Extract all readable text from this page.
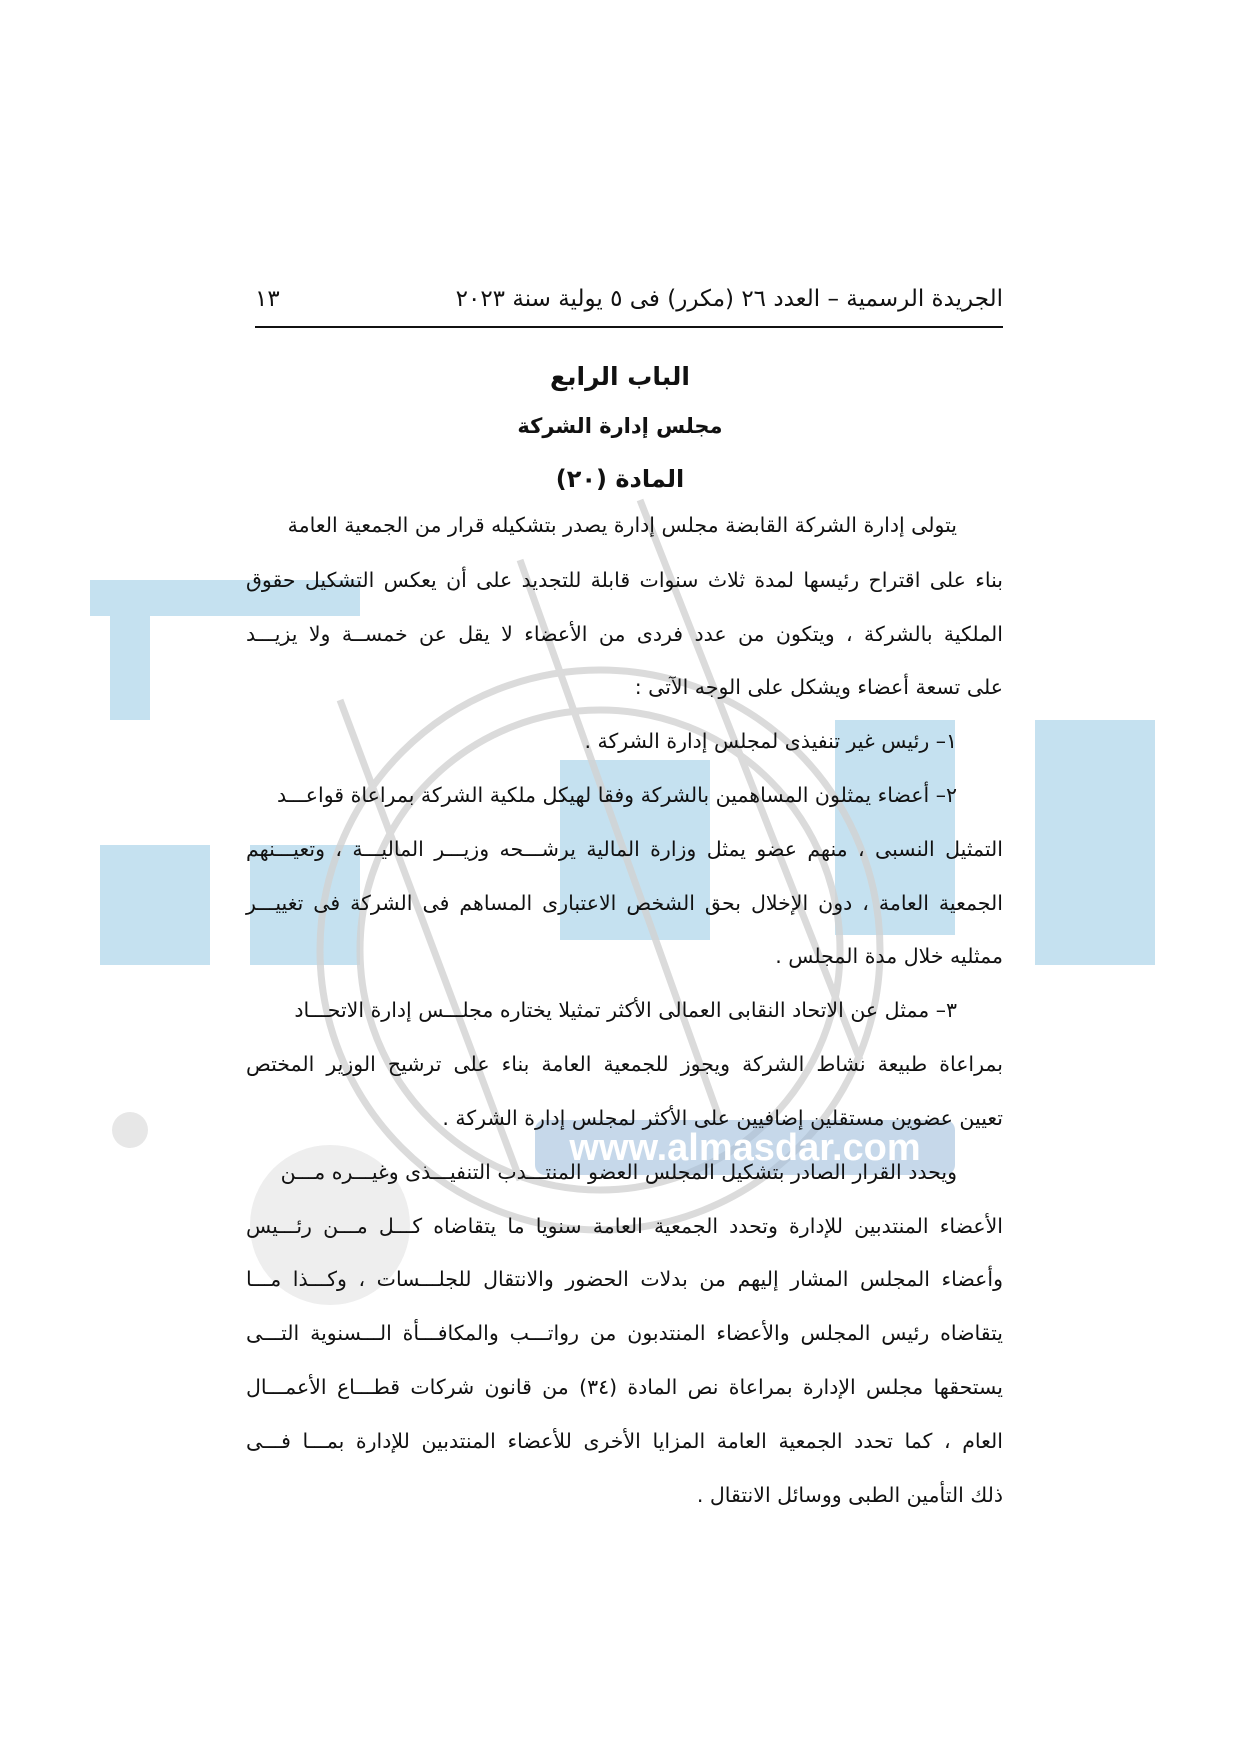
www.almasdar.com
الجريدة الرسمية – العدد ٢٦ (مكرر) فى ٥ يولية سنة ٢٠٢٣
١٣
الباب الرابع
مجلس إدارة الشركة
المادة (٢٠)
يتولى إدارة الشركة القابضة مجلس إدارة يصدر بتشكيله قرار من الجمعية العامة
بناء على اقتراح رئيسها لمدة ثلاث سنوات قابلة للتجديد على أن يعكس التشكيل حقوق
الملكية بالشركة ، ويتكون من عدد فردى من الأعضاء لا يقل عن خمســة ولا يزيـــد
على تسعة أعضاء ويشكل على الوجه الآتى :
١– رئيس غير تنفيذى لمجلس إدارة الشركة .
٢– أعضاء يمثلون المساهمين بالشركة وفقا لهيكل ملكية الشركة بمراعاة قواعـــد
التمثيل النسبى ، منهم عضو يمثل وزارة المالية يرشـــحه وزيـــر الماليـــة ، وتعيـــنهم
الجمعية العامة ، دون الإخلال بحق الشخص الاعتبارى المساهم فى الشركة فى تغييـــر
ممثليه خلال مدة المجلس .
٣– ممثل عن الاتحاد النقابى العمالى الأكثر تمثيلا يختاره مجلـــس إدارة الاتحـــاد
بمراعاة طبيعة نشاط الشركة ويجوز للجمعية العامة بناء على ترشيح الوزير المختص
تعيين عضوين مستقلين إضافيين على الأكثر لمجلس إدارة الشركة .
ويحدد القرار الصادر بتشكيل المجلس العضو المنتـــدب التنفيـــذى وغيـــره مـــن
الأعضاء المنتدبين للإدارة وتحدد الجمعية العامة سنويا ما يتقاضاه كـــل مـــن رئـــيس
وأعضاء المجلس المشار إليهم من بدلات الحضور والانتقال للجلـــسات ، وكـــذا مـــا
يتقاضاه رئيس المجلس والأعضاء المنتدبون من رواتـــب والمكافـــأة الـــسنوية التـــى
يستحقها مجلس الإدارة بمراعاة نص المادة (٣٤) من قانون شركات قطـــاع الأعمـــال
العام ، كما تحدد الجمعية العامة المزايا الأخرى للأعضاء المنتدبين للإدارة بمـــا فـــى
ذلك التأمين الطبى ووسائل الانتقال .
